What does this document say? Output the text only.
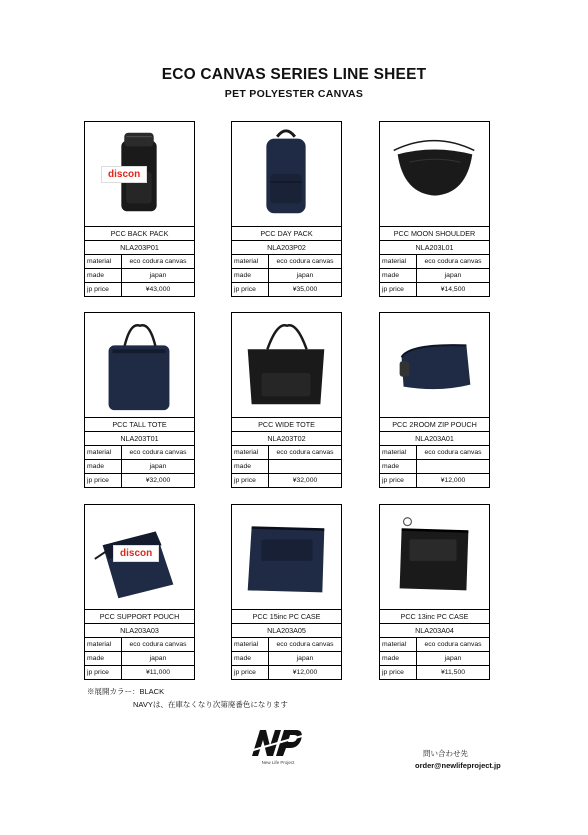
ECO CANVAS SERIES LINE SHEET
PET POLYESTER CANVAS
discon
PCC BACK PACK
NLA203P01
material	eco codura canvas
made	japan
jp price	¥43,000
PCC DAY PACK
NLA203P02
material	eco codura canvas
made	japan
jp price	¥35,000
PCC MOON SHOULDER
NLA203L01
material	eco codura canvas
made	japan
jp price	¥14,500
PCC TALL TOTE
NLA203T01
material	eco codura canvas
made	japan
jp price	¥32,000
PCC WIDE TOTE
NLA203T02
material	eco codura canvas
made
jp price	¥32,000
PCC 2ROOM ZIP POUCH
NLA203A01
material	eco codura canvas
made
jp price	¥12,000
discon
PCC SUPPORT POUCH
NLA203A03
material	eco codura canvas
made	japan
jp price	¥11,000
PCC 15inc PC CASE
NLA203A05
material	eco codura canvas
made	japan
jp price	¥12,000
PCC 13inc PC CASE
NLA203A04
material	eco codura canvas
made	japan
jp price	¥11,500
※展開カラー：BLACK
NAVYは、在庫なくなり次第廃番色になります
New Life Project
問い合わせ先
order@newlifeproject.jp
